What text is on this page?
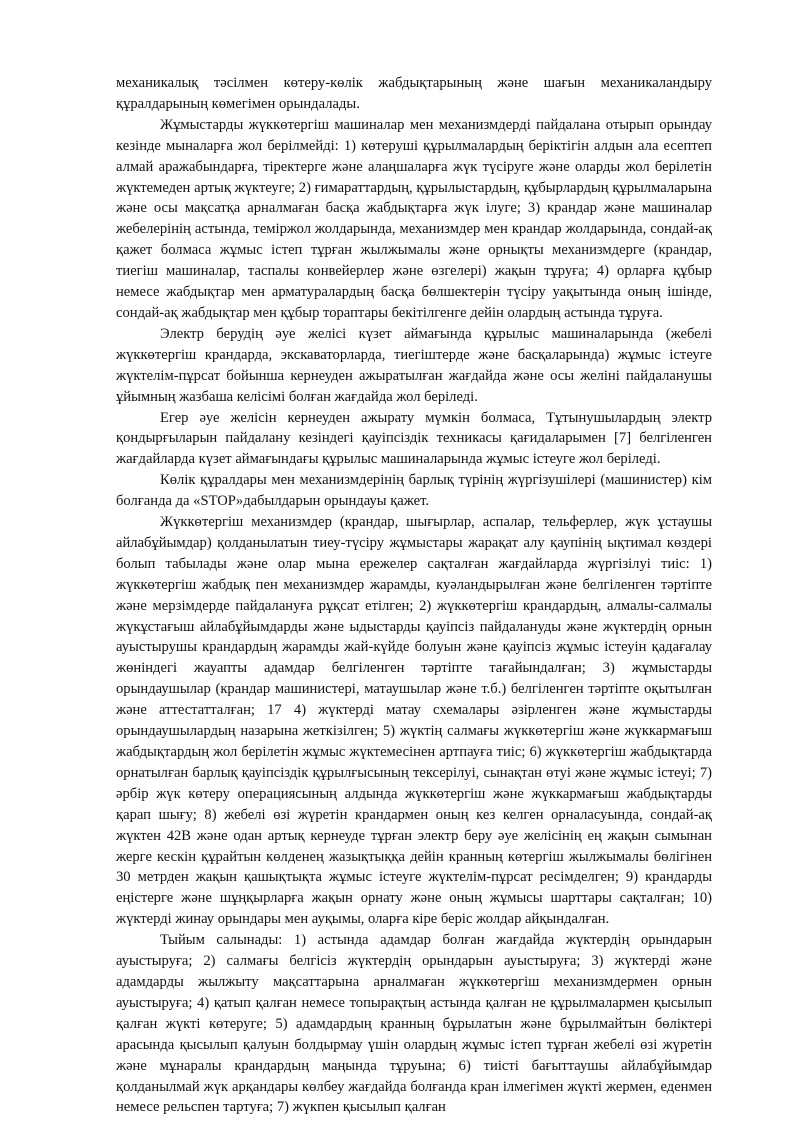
механикалық тәсілмен көтеру-көлік жабдықтарының және шағын механикаландыру құралдарының көмегімен орындалады.

Жұмыстарды жүккөтергіш машиналар мен механизмдерді пайдалана отырып орындау кезінде мыналарға жол берілмейді: 1) көтеруші құрылмалардың беріктігін алдын ала есептеп алмай аражабындарға, тіректерге және алаңшаларға жүк түсіруге және оларды жол берілетін жүктемеден артық жүктеуге; 2) ғимараттардың, құрылыстардың, құбырлардың құрылмаларына және осы мақсатқа арналмаған басқа жабдықтарға жүк ілуге; 3) крандар және машиналар жебелерінің астында, теміржол жолдарында, механизмдер мен крандар жолдарында, сондай-ақ қажет болмаса жұмыс істеп тұрған жылжымалы және орнықты механизмдерге (крандар, тиегіш машиналар, таспалы конвейерлер және өзгелері) жақын тұруға; 4) орларға құбыр немесе жабдықтар мен арматуралардың басқа бөлшектерін түсіру уақытында оның ішінде, сондай-ақ жабдықтар мен құбыр тораптары бекітілгенге дейін олардың астында тұруға.

Электр берудің әуе желісі күзет аймағында құрылыс машиналарында (жебелі жүккөтергіш крандарда, экскаваторларда, тиегіштерде және басқаларында) жұмыс істеуге жүктелім-пұрсат бойынша кернеуден ажыратылған жағдайда және осы желіні пайдаланушы ұйымның жазбаша келісімі болған жағдайда жол беріледі.

Егер әуе желісін кернеуден ажырату мүмкін болмаса, Тұтынушылардың электр қондырғыларын пайдалану кезіндегі қауіпсіздік техникасы қағидаларымен [7] белгіленген жағдайларда күзет аймағындағы құрылыс машиналарында жұмыс істеуге жол беріледі.

Көлік құралдары мен механизмдерінің барлық түрінің жүргізушілері (машинистер) кім болғанда да «STOP»дабылдарын орындауы қажет.

Жүккөтергіш механизмдер (крандар, шығырлар, аспалар, тельферлер, жүк ұстаушы айлабұйымдар) қолданылатын тиеу-түсіру жұмыстары жарақат алу қаупінің ықтимал көздері болып табылады және олар мына ережелер сақталған жағдайларда жүргізілуі тиіс: 1) жүккөтергіш жабдық пен механизмдер жарамды, куәландырылған және белгіленген тәртіпте және мерзімдерде пайдалануға рұқсат етілген; 2) жүккөтергіш крандардың, алмалы-салмалы жүкұстағыш айлабұйымдарды және ыдыстарды қауіпсіз пайдалануды және жүктердің орнын ауыстырушы крандардың жарамды жай-күйде болуын және қауіпсіз жұмыс істеуін қадағалау жөніндегі жауапты адамдар белгіленген тәртіпте тағайындалған; 3) жұмыстарды орындаушылар (крандар машинистері, матаушылар және т.б.) белгіленген тәртіпте оқытылған және аттестатталған; 17 4) жүктерді матау схемалары әзірленген және жұмыстарды орындаушылардың назарына жеткізілген; 5) жүктің салмағы жүккөтергіш және жүккармағыш жабдықтардың жол берілетін жұмыс жүктемесінен артпауға тиіс; 6) жүккөтергіш жабдықтарда орнатылған барлық қауіпсіздік құрылғысының тексерілуі, сынақтан өтуі және жұмыс істеуі; 7) әрбір жүк көтеру операциясының алдында жүккөтергіш және жүккармағыш жабдықтарды қарап шығу; 8) жебелі өзі жүретін крандармен оның кез келген орналасуында, сондай-ақ жүктен 42В және одан артық кернеуде тұрған электр беру әуе желісінің ең жақын сымынан жерге кескін құрайтын көлденең жазықтыққа дейін кранның көтергіш жылжымалы бөлігінен 30 метрден жақын қашықтықта жұмыс істеуге жүктелім-пұрсат ресімделген; 9) крандарды еңістерге және шұңқырларға жақын орнату және оның жұмысы шарттары сақталған; 10) жүктерді жинау орындары мен ауқымы, оларға кіре беріс жолдар айқындалған.

Тыйым салынады: 1) астында адамдар болған жағдайда жүктердің орындарын ауыстыруға; 2) салмағы белгісіз жүктердің орындарын ауыстыруға; 3) жүктерді және адамдарды жылжыту мақсаттарына арналмаған жүккөтергіш механизмдермен орнын ауыстыруға; 4) қатып қалған немесе топырақтың астында қалған не құрылмалармен қысылып қалған жүкті көтеруге; 5) адамдардың кранның бұрылатын және бұрылмайтын бөліктері арасында қысылып қалуын болдырмау үшін олардың жұмыс істеп тұрған жебелі өзі жүретін және мұнаралы крандардың маңында тұруына; 6) тиісті бағыттаушы айлабұйымдар қолданылмай жүк арқандары көлбеу жағдайда болғанда кран ілмегімен жүкті жермен, еденмен немесе рельспен тартуға; 7) жүкпен қысылып қалған
